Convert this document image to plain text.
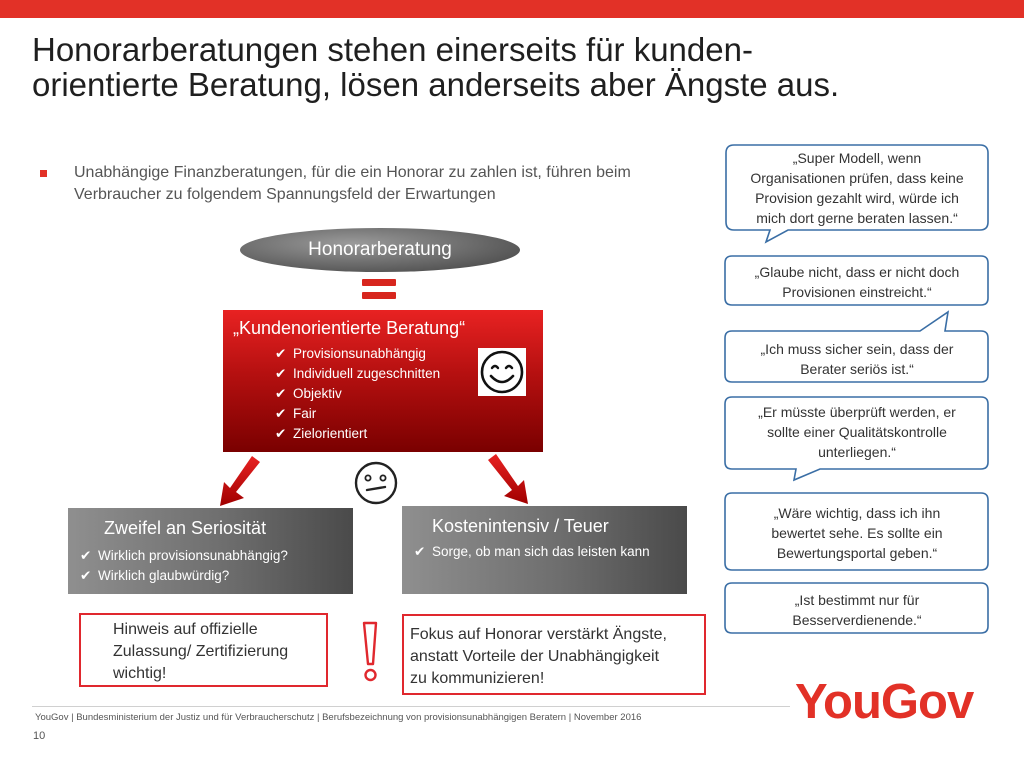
Honorarberatungen stehen einerseits für kunden-
orientierte Beratung, lösen anderseits aber Ängste aus.
Unabhängige Finanzberatungen, für die ein Honorar zu zahlen ist, führen beim Verbraucher zu folgendem Spannungsfeld der Erwartungen
Honorarberatung
„Kundenorientierte Beratung“
✔ Provisionsunabhängig
✔ Individuell zugeschnitten
✔ Objektiv
✔ Fair
✔ Zielorientiert
Zweifel an Seriosität
✔ Wirklich provisionsunabhängig?
✔ Wirklich glaubwürdig?
Kostenintensiv / Teuer
✔ Sorge, ob man sich das leisten kann
Hinweis auf offizielle
Zulassung/ Zertifizierung
wichtig!
Fokus auf Honorar verstärkt Ängste,
anstatt Vorteile der Unabhängigkeit
zu kommunizieren!
„Super Modell, wenn
Organisationen prüfen, dass keine
Provision gezahlt wird, würde ich
mich dort gerne beraten lassen.“
„Glaube nicht, dass er nicht doch
Provisionen einstreicht.“
„Ich muss sicher sein, dass der
Berater seriös ist.“
„Er müsste überprüft werden, er
sollte einer Qualitätskontrolle
unterliegen.“
„Wäre wichtig, dass ich ihn
bewertet sehe. Es sollte ein
Bewertungsportal geben.“
„Ist bestimmt nur für
Besserverdienende.“
YouGov | Bundesministerium der Justiz und für Verbraucherschutz | Berufsbezeichnung von provisionsunabhängigen Beratern | November 2016
10
YouGov
